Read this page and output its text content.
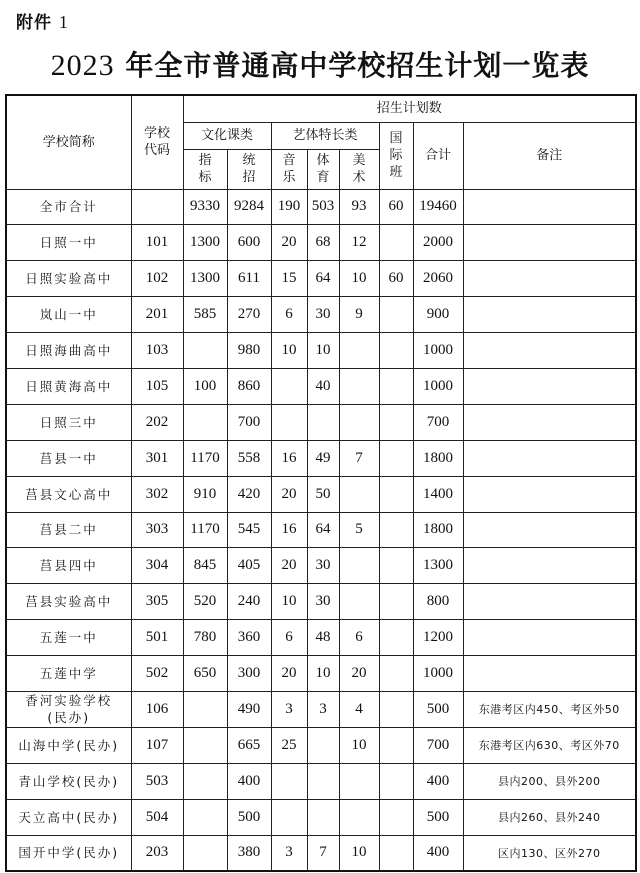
附件 1
2023 年全市普通高中学校招生计划一览表
学校简称	学校代码	招生计划数							
		文化课类		艺体特长类			国际班	合计	备注
		指标	统招	音乐	体育	美术			
全市合计		9330	9284	190	503	93	60	19460	
日照一中	101	1300	600	20	68	12		2000	
日照实验高中	102	1300	611	15	64	10	60	2060	
岚山一中	201	585	270	6	30	9		900	
日照海曲高中	103		980	10	10			1000	
日照黄海高中	105	100	860		40			1000	
日照三中	202		700					700	
莒县一中	301	1170	558	16	49	7		1800	
莒县文心高中	302	910	420	20	50			1400	
莒县二中	303	1170	545	16	64	5		1800	
莒县四中	304	845	405	20	30			1300	
莒县实验高中	305	520	240	10	30			800	
五莲一中	501	780	360	6	48	6		1200	
五莲中学	502	650	300	20	10	20		1000	

香河实验学校
(民办)	106		490	3	3	4		500	东港考区内450、考区外50
山海中学(民办)	107		665	25		10		700	东港考区内630、考区外70
青山学校(民办)	503		400					400	县内200、县外200
天立高中(民办)	504		500					500	县内260、县外240
国开中学(民办)	203		380	3	7	10		400	区内130、区外270
